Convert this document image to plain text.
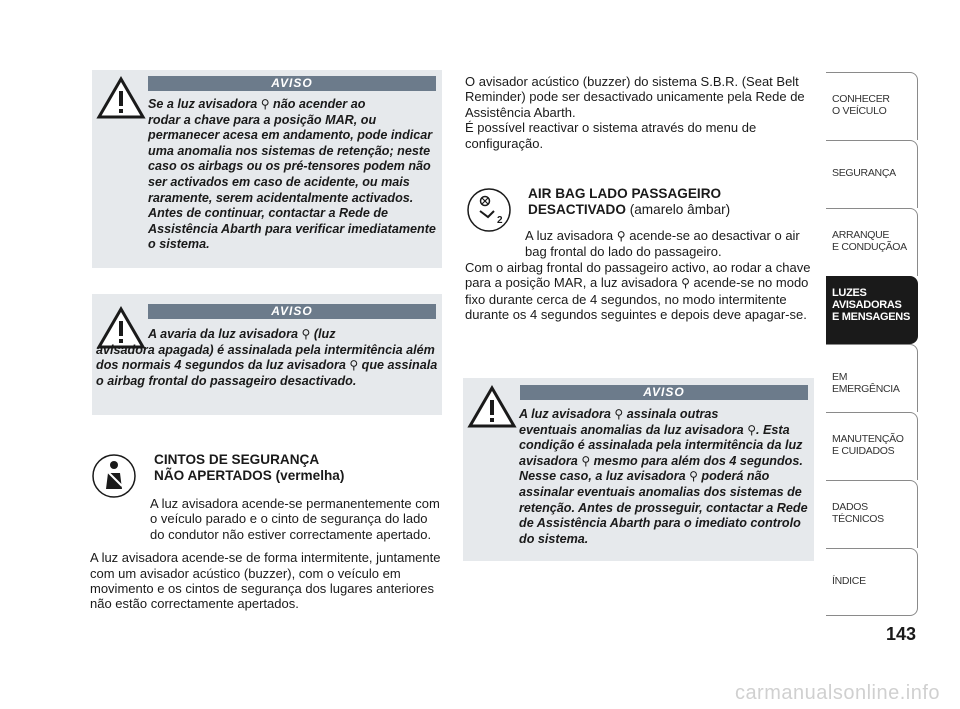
AVISO

Se a luz avisadora ⚲ não acender ao

rodar a chave para a posição MAR, ou permanecer acesa em andamento, pode indicar uma anomalia nos sistemas de retenção; neste caso os airbags ou os pré-tensores podem não ser activados em caso de acidente, ou mais raramente, serem acidentalmente activados. Antes de continuar, contactar a Rede de Assistência Abarth para verificar imediatamente o sistema.

AVISO

A avaria da luz avisadora ⚲ (luz

avisadora apagada) é assinalada pela intermitência além dos normais 4 segundos da luz avisadora ⚲ que assinala o airbag frontal do passageiro desactivado.

CINTOS DE SEGURANÇA
NÃO APERTADOS (vermelha)

A luz avisadora acende-se permanentemente com o veículo parado e o cinto de segurança do lado do condutor não estiver correctamente apertado.

A luz avisadora acende-se de forma intermitente, juntamente com um avisador acústico (buzzer), com o veículo em movimento e os cintos de segurança dos lugares anteriores não estão correctamente apertados.

O avisador acústico (buzzer) do sistema S.B.R. (Seat Belt Reminder) pode ser desactivado unicamente pela Rede de Assistência Abarth.

É possível reactivar o sistema através do menu de configuração.

2
AIR BAG LADO PASSAGEIRO
DESACTIVADO (amarelo âmbar)

A luz avisadora ⚲ acende-se ao desactivar o air bag frontal do lado do passageiro.

Com o airbag frontal do passageiro activo, ao rodar a chave para a posição MAR, a luz avisadora ⚲ acende-se no modo fixo durante cerca de 4 segundos, no modo intermitente durante os 4 segundos seguintes e depois deve apagar-se.

AVISO

A luz avisadora ⚲ assinala outras

eventuais anomalias da luz avisadora ⚲. Esta condição é assinalada pela intermitência da luz avisadora ⚲ mesmo para além dos 4 segundos. Nesse caso, a luz avisadora ⚲ poderá não assinalar eventuais anomalias dos sistemas de retenção. Antes de prosseguir, contactar a Rede de Assistência Abarth para o imediato controlo do sistema.

CONHECER
O VEÍCULO
SEGURANÇA
ARRANQUE
E CONDUÇÃOA
LUZES
AVISADORAS
E MENSAGENS
EM EMERGÊNCIA
MANUTENÇÃO
E CUIDADOS
DADOS
TÉCNICOS
ÍNDICE
143
carmanualsonline.info
